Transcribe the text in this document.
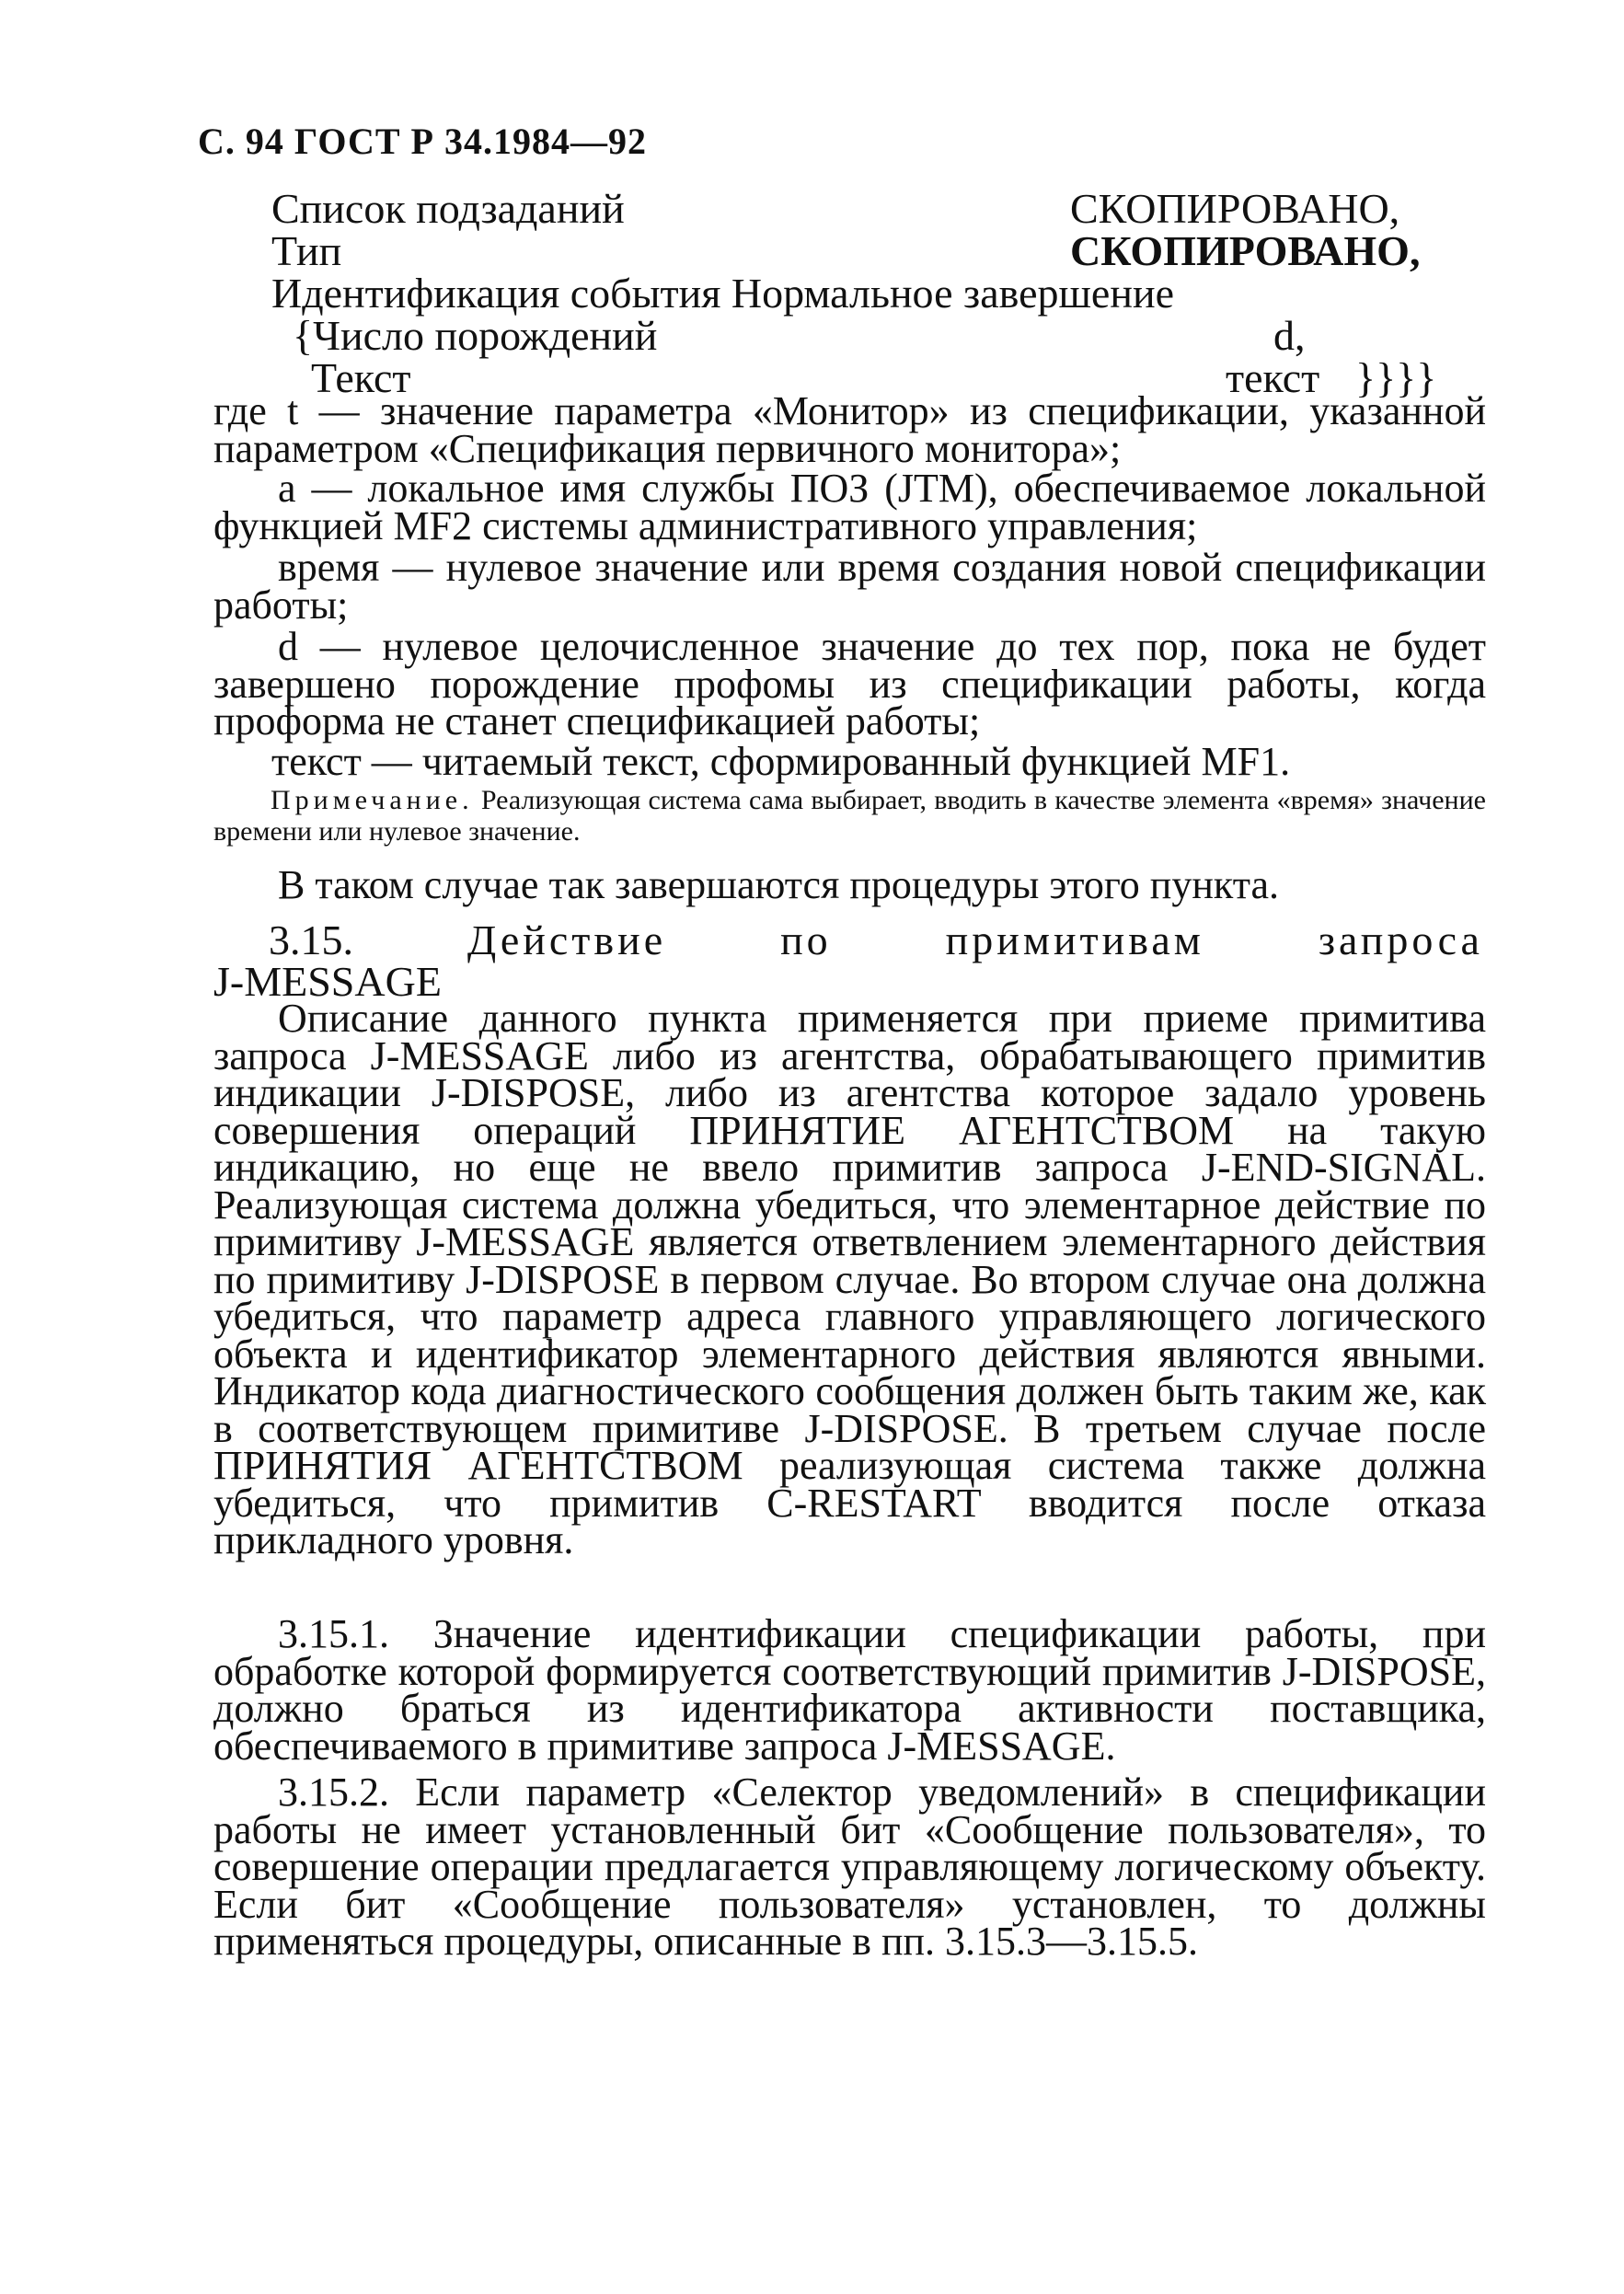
С. 94 ГОСТ Р 34.1984—92
Список подзаданий	СКОПИРОВАНО,
Тип	СКОПИРОВАНО,
Идентификация события Нормальное завершение
{Число порождений	d,
Текст	текст }}}}
где t — значение параметра «Монитор» из спецификации, указанной параметром «Спецификация первичного монитора»;
a — локальное имя службы ПОЗ (JTM), обеспечиваемое локальной функцией MF2 системы административного управления;
время — нулевое значение или время создания новой спецификации работы;
d — нулевое целочисленное значение до тех пор, пока не будет завершено порождение профомы из спецификации работы, когда проформа не станет спецификацией работы;
текст — читаемый текст, сформированный функцией MF1.
Примечание. Реализующая система сама выбирает, вводить в качестве элемента «время» значение времени или нулевое значение.
В таком случае так завершаются процедуры этого пункта.
3.15.	Действие	по	примитивам	запроса
J-MESSAGE
Описание данного пункта применяется при приеме примитива запроса J-MESSAGE либо из агентства, обрабатывающего примитив индикации J-DISPOSE, либо из агентства которое задало уровень совершения операций ПРИНЯТИЕ АГЕНТСТВОМ на такую индикацию, но еще не ввело примитив запроса J-END-SIGNAL. Реализующая система должна убедиться, что элементарное действие по примитиву J-MESSAGE является ответвлением элементарного действия по примитиву J-DISPOSE в первом случае. Во втором случае она должна убедиться, что параметр адреса главного управляющего логического объекта и идентификатор элементарного действия являются явными. Индикатор кода диагностического сообщения должен быть таким же, как в соответствующем примитиве J-DISPOSE. В третьем случае после ПРИНЯТИЯ АГЕНТСТВОМ реализующая система также должна убедиться, что примитив C-RESTART вводится после отказа прикладного уровня.
3.15.1. Значение идентификации спецификации работы, при обработке которой формируется соответствующий примитив J-DISPOSE, должно браться из идентификатора активности поставщика, обеспечиваемого в примитиве запроса J-MESSAGE.
3.15.2. Если параметр «Селектор уведомлений» в спецификации работы не имеет установленный бит «Сообщение пользователя», то совершение операции предлагается управляющему логическому объекту. Если бит «Сообщение пользователя» установлен, то должны применяться процедуры, описанные в пп. 3.15.3—3.15.5.
